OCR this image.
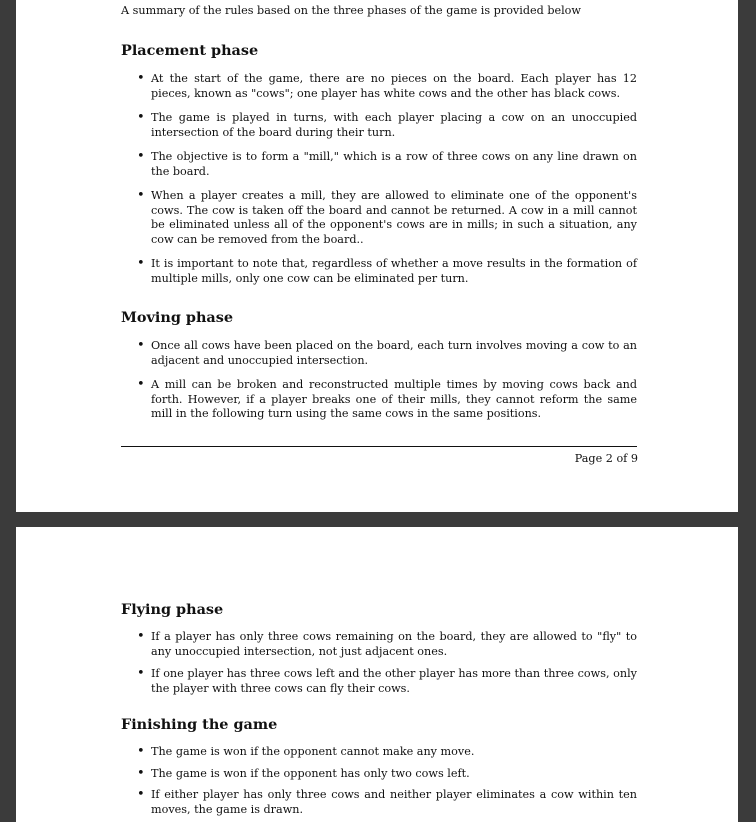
A summary of the rules based on the three phases of the game is provided below
Placement phase
• At the start of the game, there are no pieces on the board. Each player has 12 pieces, known as "cows"; one player has white cows and the other has black cows.
• The game is played in turns, with each player placing a cow on an unoccupied intersection of the board during their turn.
• The objective is to form a "mill," which is a row of three cows on any line drawn on the board.
• When a player creates a mill, they are allowed to eliminate one of the opponent's cows. The cow is taken off the board and cannot be returned. A cow in a mill cannot be eliminated unless all of the opponent's cows are in mills; in such a situation, any cow can be removed from the board..
• It is important to note that, regardless of whether a move results in the formation of multiple mills, only one cow can be eliminated per turn.
Moving phase
• Once all cows have been placed on the board, each turn involves moving a cow to an adjacent and unoccupied intersection.
• A mill can be broken and reconstructed multiple times by moving cows back and forth. However, if a player breaks one of their mills, they cannot reform the same mill in the following turn using the same cows in the same positions.
Page 2 of 9
Flying phase
• If a player has only three cows remaining on the board, they are allowed to "fly" to any unoccupied intersection, not just adjacent ones.
• If one player has three cows left and the other player has more than three cows, only the player with three cows can fly their cows.
Finishing the game
• The game is won if the opponent cannot make any move.
• The game is won if the opponent has only two cows left.
• If either player has only three cows and neither player eliminates a cow within ten moves, the game is drawn.
